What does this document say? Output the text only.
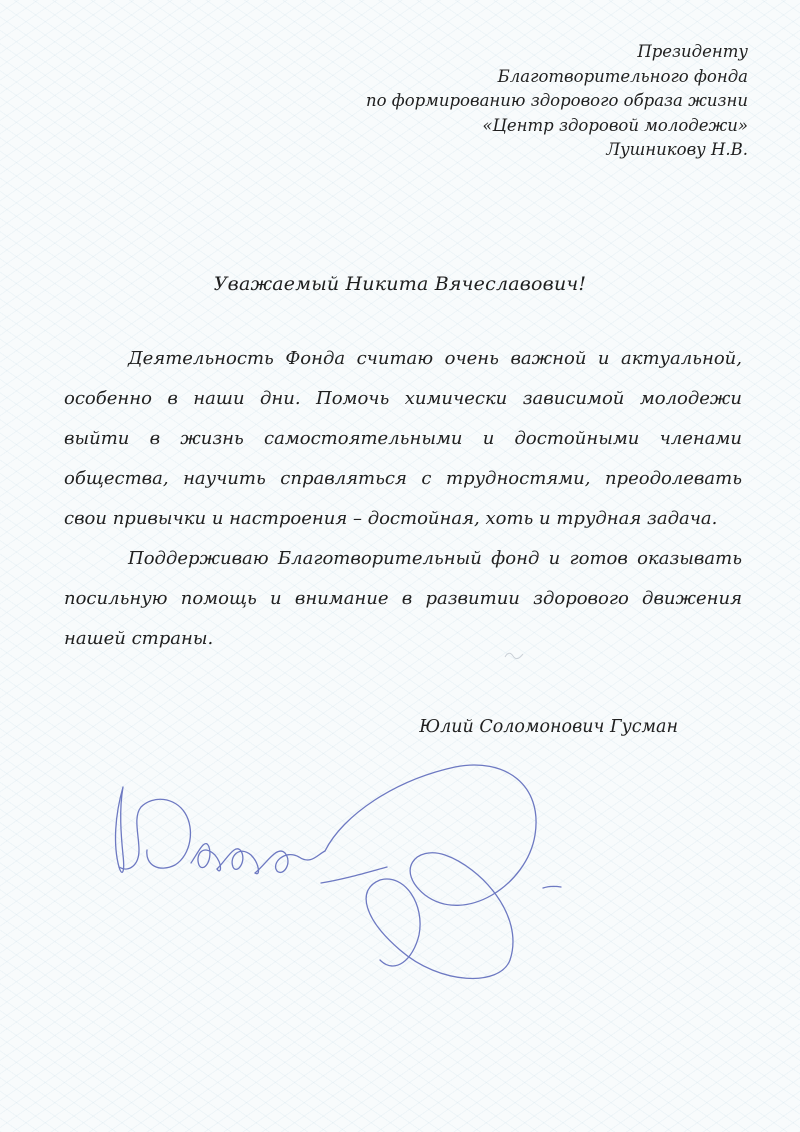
Президенту
Благотворительного фонда
по формированию здорового образа жизни
«Центр здоровой молодежи»
Лушникову Н.В.
Уважаемый Никита Вячеславович!

Деятельность Фонда считаю очень важной и актуальной, особенно в наши дни. Помочь химически зависимой молодежи выйти в жизнь самостоятельными и достойными членами общества, научить справляться с трудностями, преодолевать свои привычки и настроения – достойная, хоть и трудная задача.

Поддерживаю Благотворительный фонд и готов оказывать посильную помощь и внимание в развитии здорового движения нашей страны.

Юлий Соломонович Гусман
